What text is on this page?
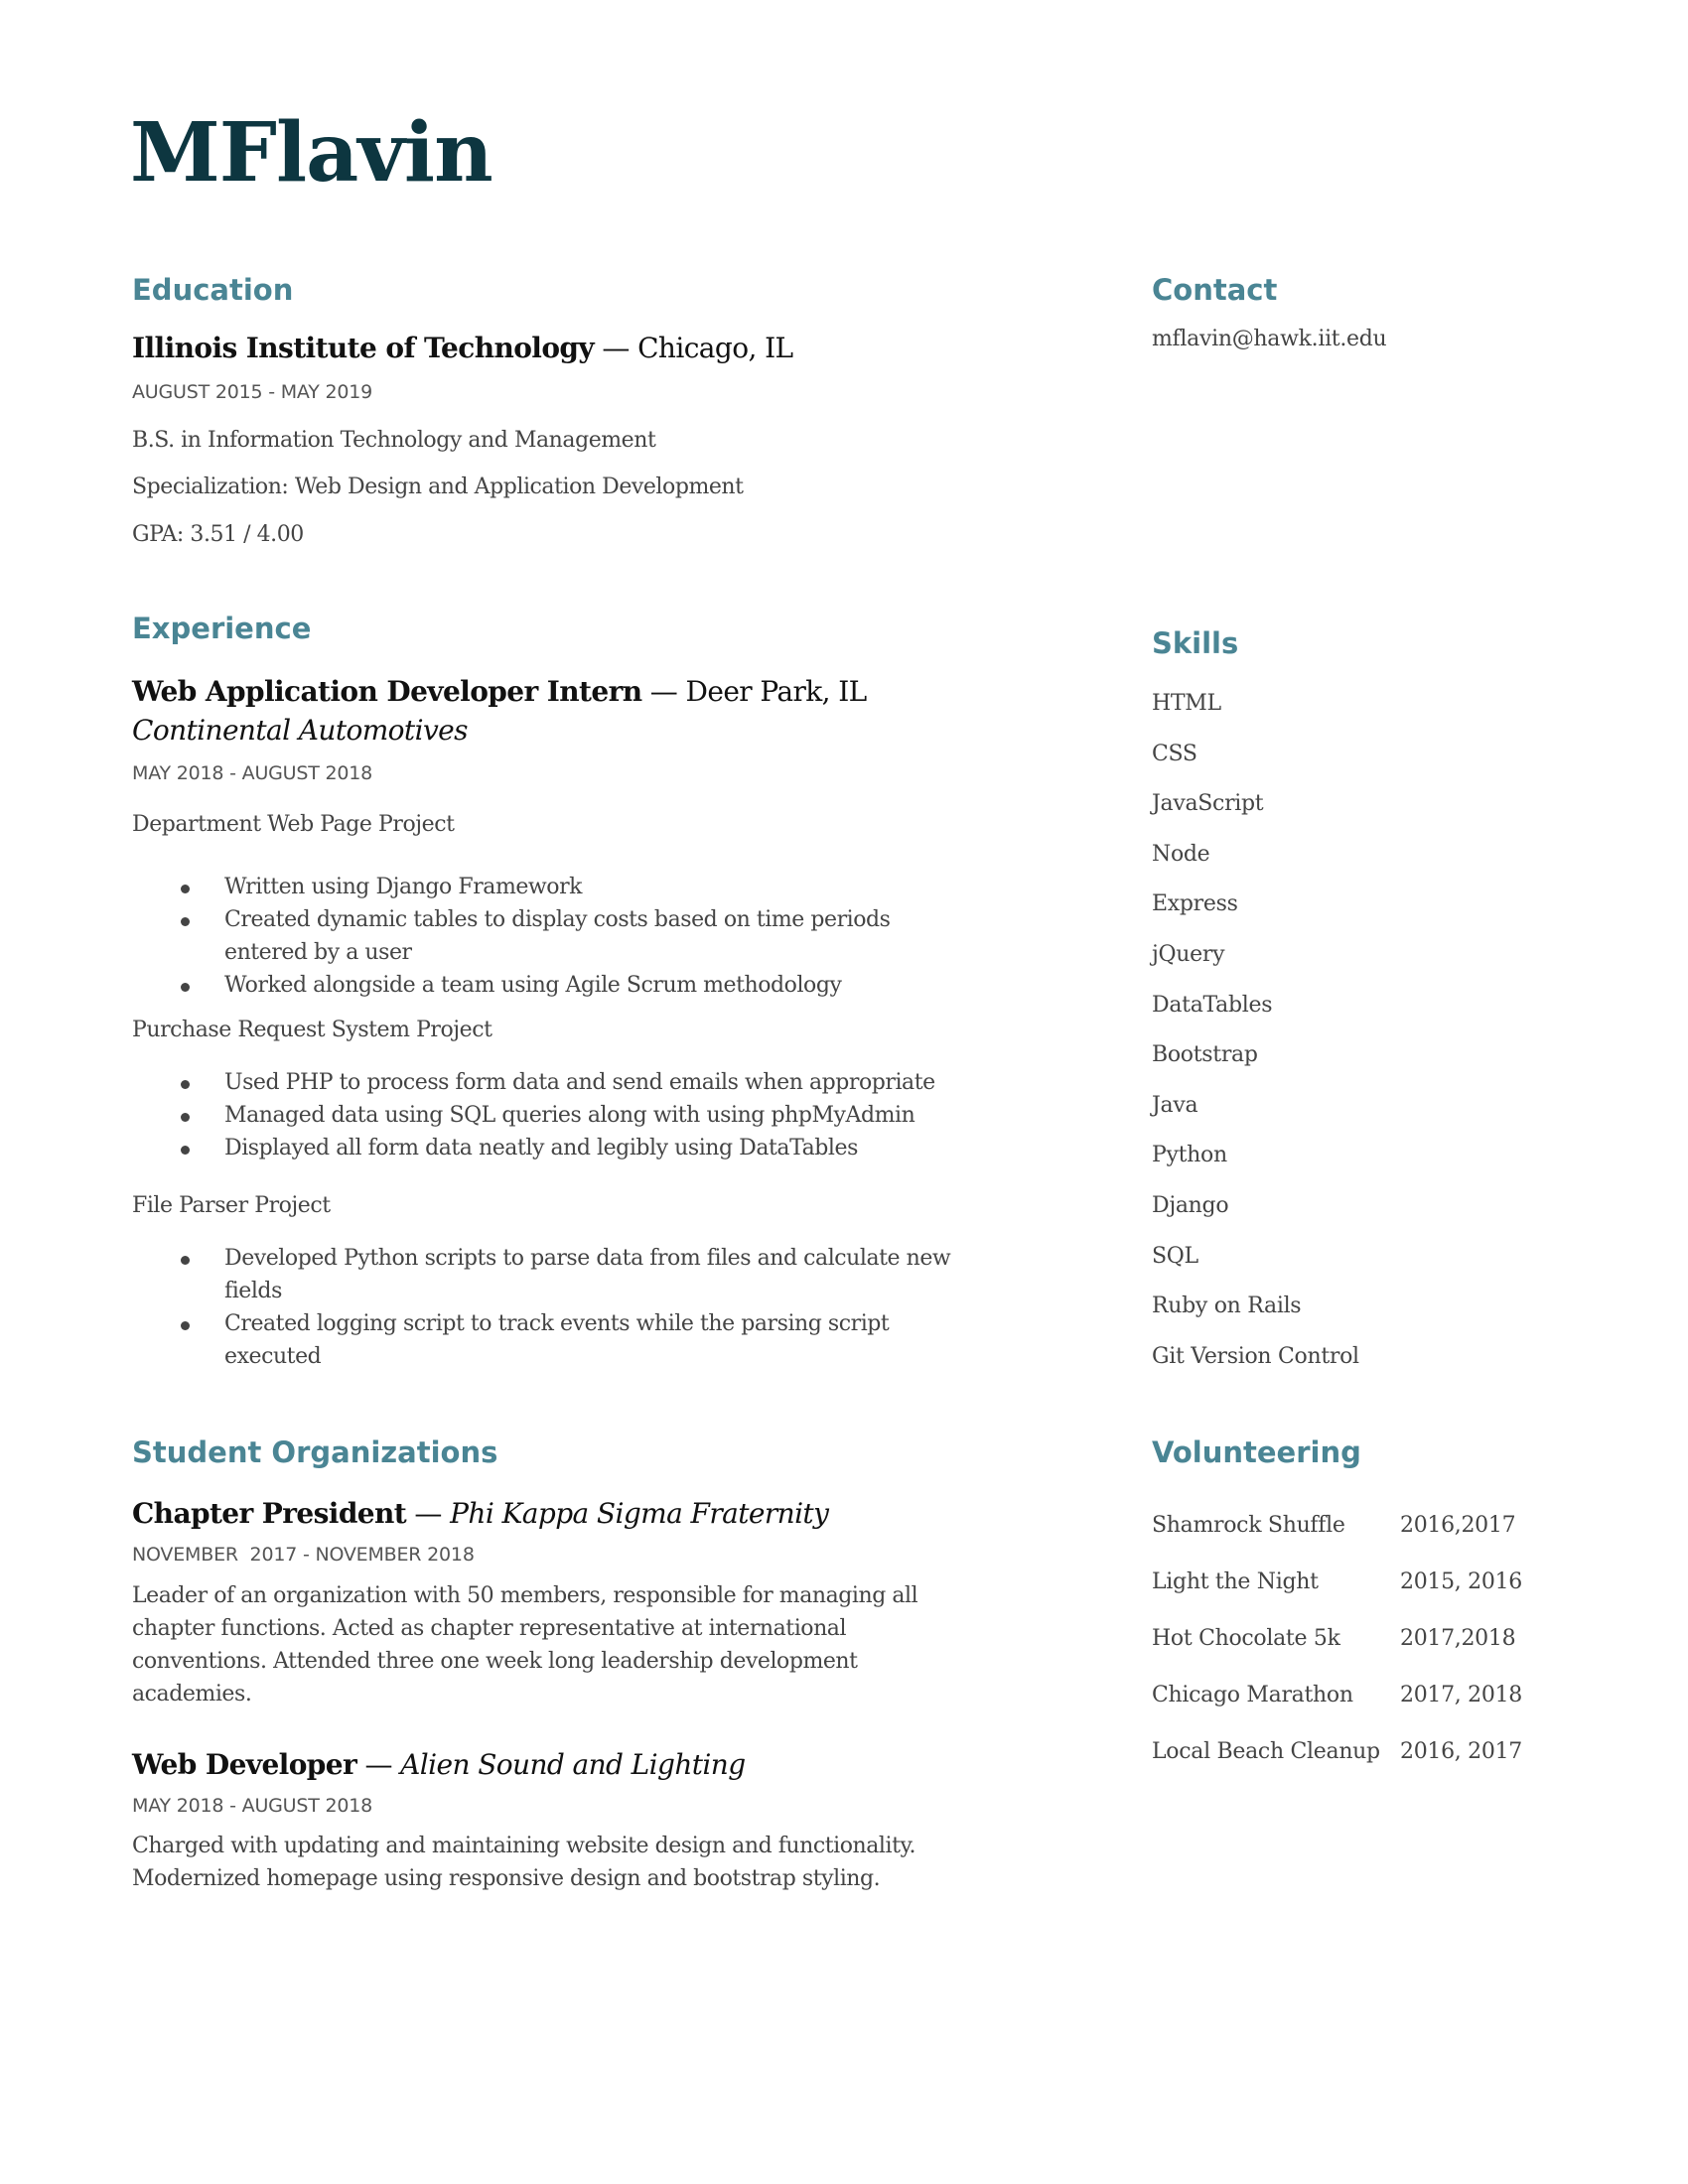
MFlavin
Education
Illinois Institute of Technology — Chicago, IL
AUGUST 2015 - MAY 2019
B.S. in Information Technology and Management
Specialization: Web Design and Application Development
GPA: 3.51 / 4.00
Experience
Web Application Developer Intern — Deer Park, IL
Continental Automotives
MAY 2018 - AUGUST 2018
Department Web Page Project
Written using Django Framework
Created dynamic tables to display costs based on time periods
entered by a user
Worked alongside a team using Agile Scrum methodology
Purchase Request System Project
Used PHP to process form data and send emails when appropriate
Managed data using SQL queries along with using phpMyAdmin
Displayed all form data neatly and legibly using DataTables
File Parser Project
Developed Python scripts to parse data from files and calculate new
fields
Created logging script to track events while the parsing script
executed
Student Organizations
Chapter President — Phi Kappa Sigma Fraternity
NOVEMBER  2017 - NOVEMBER 2018
Leader of an organization with 50 members, responsible for managing all
chapter functions. Acted as chapter representative at international
conventions. Attended three one week long leadership development
academies.
Web Developer — Alien Sound and Lighting
MAY 2018 - AUGUST 2018
Charged with updating and maintaining website design and functionality.
Modernized homepage using responsive design and bootstrap styling.
Contact
mflavin@hawk.iit.edu
Skills
HTML
CSS
JavaScript
Node
Express
jQuery
DataTables
Bootstrap
Java
Python
Django
SQL
Ruby on Rails
Git Version Control
Volunteering
Shamrock Shuffle	2016,2017
Light the Night	2015, 2016
Hot Chocolate 5k	2017,2018
Chicago Marathon 2017, 2018
Local Beach Cleanup 2016, 2017
